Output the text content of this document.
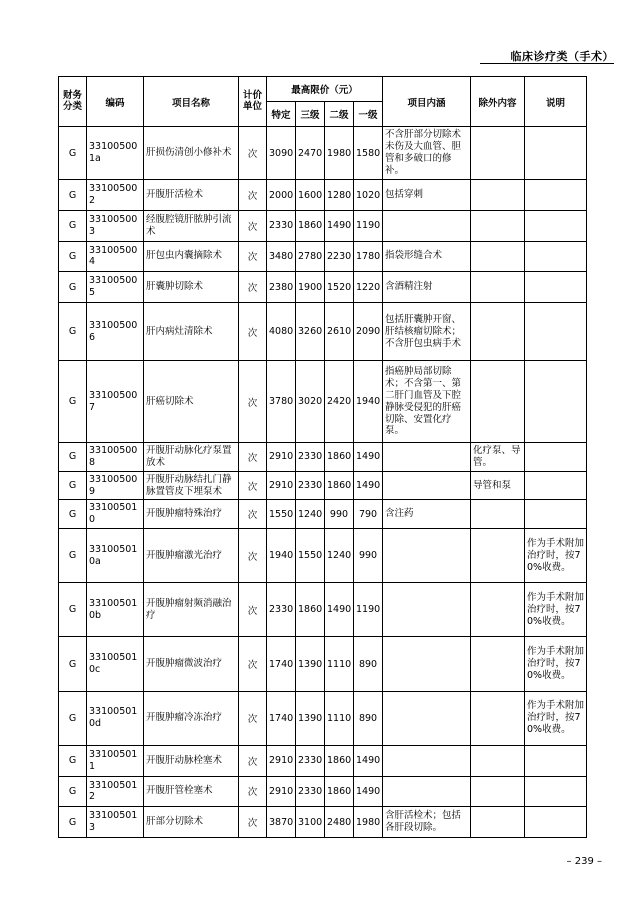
临床诊疗类（手术）
财务分类	编码	项目名称	计价单位	最高限价（元）				项目内涵	除外内容	说明
				特定	三级	二级	一级			
G	331005001a	肝损伤清创小修补术	次	3090	2470	1980	1580	不含肝部分切除术未伤及大血管、胆管和多破口的修补。		
G	331005002	开腹肝活检术	次	2000	1600	1280	1020	包括穿刺		
G	331005003	经腹腔镜肝脓肿引流术	次	2330	1860	1490	1190			
G	331005004	肝包虫内囊摘除术	次	3480	2780	2230	1780	指袋形缝合术		
G	331005005	肝囊肿切除术	次	2380	1900	1520	1220	含酒精注射		
G	331005006	肝内病灶清除术	次	4080	3260	2610	2090	包括肝囊肿开窗、肝结核瘤切除术；不含肝包虫病手术		
G	331005007	肝癌切除术	次	3780	3020	2420	1940	指癌肿局部切除术；不含第一、第二肝门血管及下腔静脉受侵犯的肝癌切除、安置化疗泵。		
G	331005008	开腹肝动脉化疗泵置放术	次	2910	2330	1860	1490		化疗泵、导管。	
G	331005009	开腹肝动脉结扎门静脉置管皮下埋泵术	次	2910	2330	1860	1490		导管和泵	
G	331005010	开腹肿瘤特殊治疗	次	1550	1240	990	790	含注药		
G	331005010a	开腹肿瘤激光治疗	次	1940	1550	1240	990			作为手术附加治疗时，按70%收费。
G	331005010b	开腹肿瘤射频消融治疗	次	2330	1860	1490	1190			作为手术附加治疗时，按70%收费。
G	331005010c	开腹肿瘤微波治疗	次	1740	1390	1110	890			作为手术附加治疗时，按70%收费。
G	331005010d	开腹肿瘤冷冻治疗	次	1740	1390	1110	890			作为手术附加治疗时，按70%收费。
G	331005011	开腹肝动脉栓塞术	次	2910	2330	1860	1490			
G	331005012	开腹肝管栓塞术	次	2910	2330	1860	1490			
G	331005013	肝部分切除术	次	3870	3100	2480	1980	含肝活检术；包括各肝段切除。		
– 239 –
